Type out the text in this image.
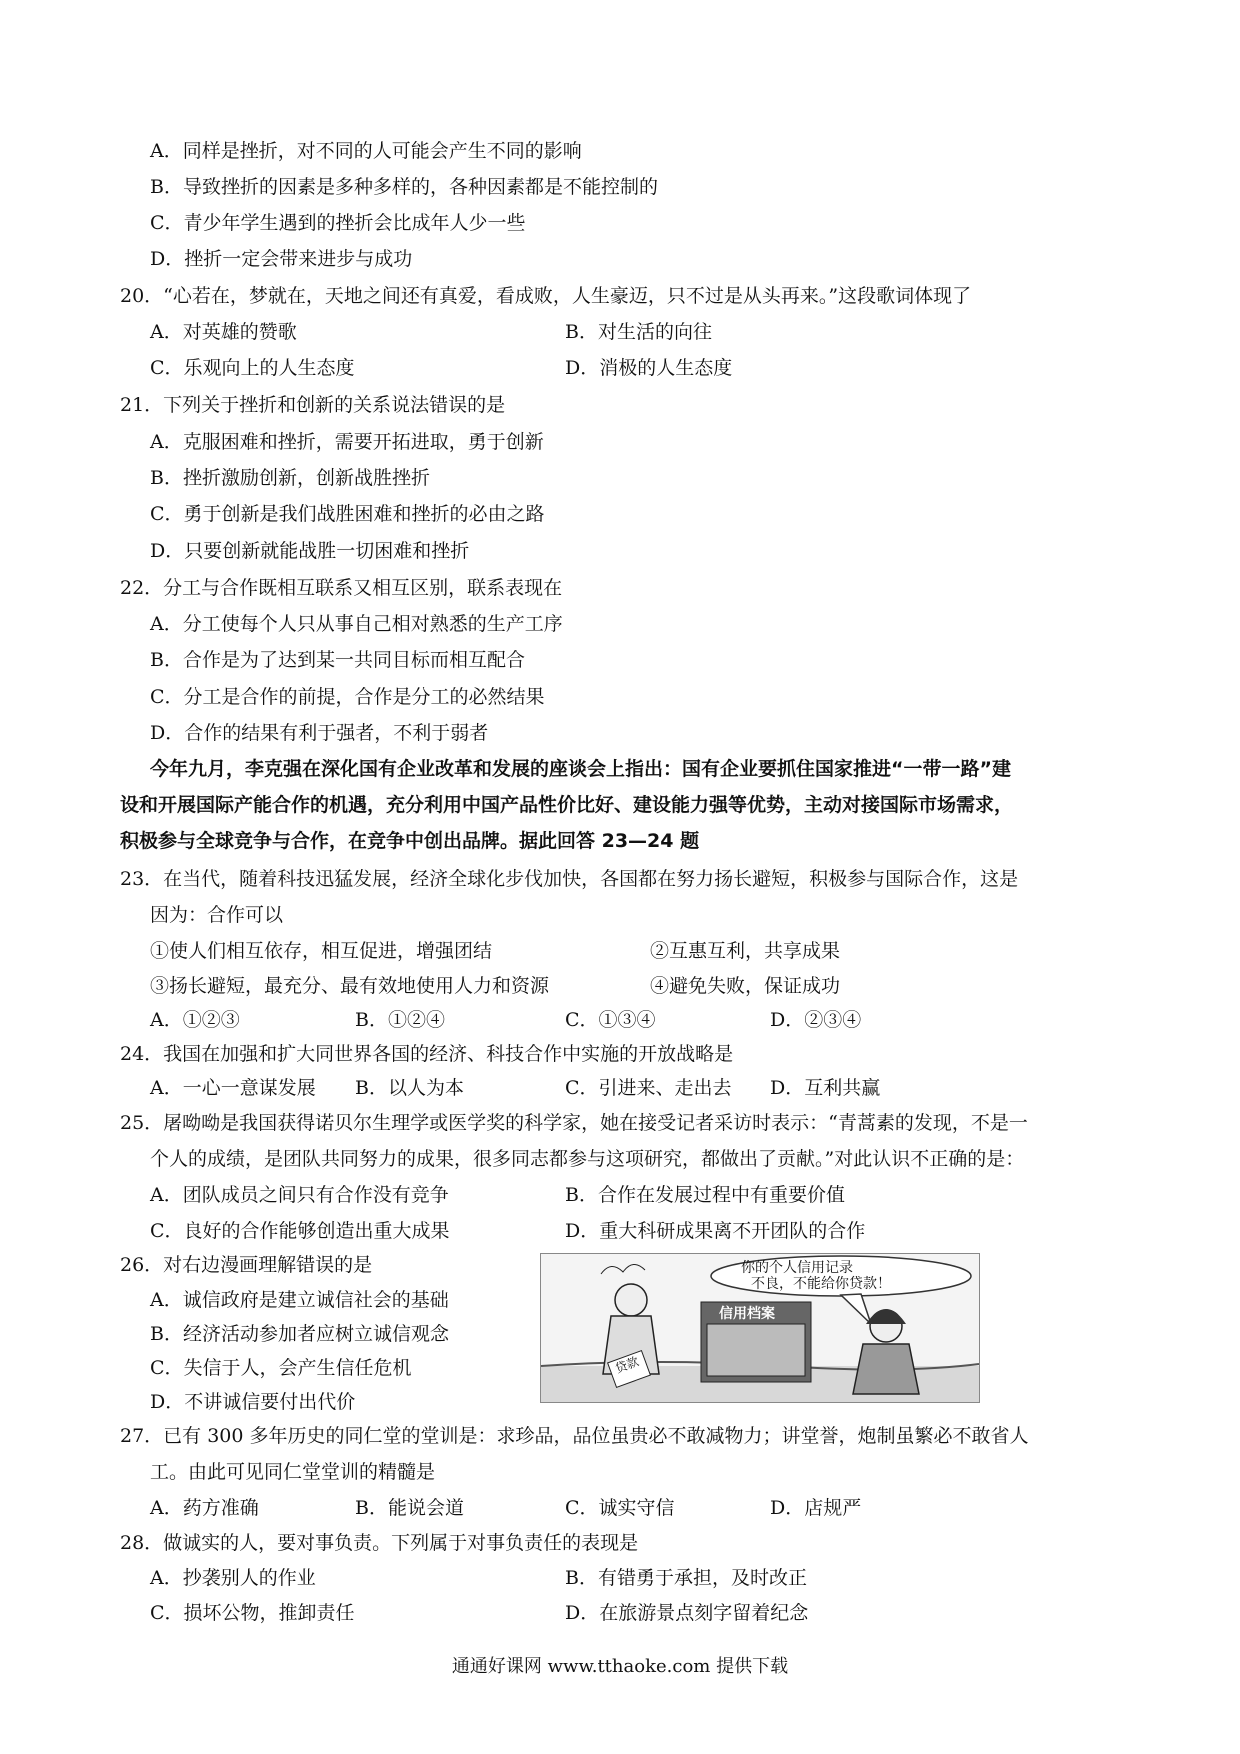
A．同样是挫折，对不同的人可能会产生不同的影响
B．导致挫折的因素是多种多样的，各种因素都是不能控制的
C．青少年学生遇到的挫折会比成年人少一些
D．挫折一定会带来进步与成功
20．“心若在，梦就在，天地之间还有真爱，看成败，人生豪迈，只不过是从头再来。”这段歌词体现了
A．对英雄的赞歌	B．对生活的向往
C．乐观向上的人生态度	D．消极的人生态度
21．下列关于挫折和创新的关系说法错误的是
A．克服困难和挫折，需要开拓进取，勇于创新
B．挫折激励创新，创新战胜挫折
C．勇于创新是我们战胜困难和挫折的必由之路
D．只要创新就能战胜一切困难和挫折
22．分工与合作既相互联系又相互区别，联系表现在
A．分工使每个人只从事自己相对熟悉的生产工序
B．合作是为了达到某一共同目标而相互配合
C．分工是合作的前提，合作是分工的必然结果
D．合作的结果有利于强者，不利于弱者
今年九月，李克强在深化国有企业改革和发展的座谈会上指出：国有企业要抓住国家推进“一带一路”建
设和开展国际产能合作的机遇，充分利用中国产品性价比好、建设能力强等优势，主动对接国际市场需求，
积极参与全球竞争与合作，在竞争中创出品牌。据此回答 23—24 题
23．在当代，随着科技迅猛发展，经济全球化步伐加快，各国都在努力扬长避短，积极参与国际合作，这是
因为：合作可以
①使人们相互依存，相互促进，增强团结	②互惠互利，共享成果
③扬长避短，最充分、最有效地使用人力和资源	④避免失败，保证成功
A．①②③	B．①②④	C．①③④	D．②③④
24．我国在加强和扩大同世界各国的经济、科技合作中实施的开放战略是
A．一心一意谋发展 B．以人为本	C．引进来、走出去 D．互利共赢
25．屠呦呦是我国获得诺贝尔生理学或医学奖的科学家，她在接受记者采访时表示：“青蒿素的发现，不是一
个人的成绩，是团队共同努力的成果，很多同志都参与这项研究，都做出了贡献。”对此认识不正确的是：
A．团队成员之间只有合作没有竞争	B．合作在发展过程中有重要价值
C．良好的合作能够创造出重大成果	D．重大科研成果离不开团队的合作
26．对右边漫画理解错误的是
A．诚信政府是建立诚信社会的基础
B．经济活动参加者应树立诚信观念
C．失信于人，会产生信任危机
D．不讲诚信要付出代价
你的个人信用记录
不良，不能给你贷款！
信用档案
贷款
27．已有 300 多年历史的同仁堂的堂训是：求珍品，品位虽贵必不敢减物力；讲堂誉，炮制虽繁必不敢省人
工。由此可见同仁堂堂训的精髓是
A．药方准确	B．能说会道	C．诚实守信	D．店规严
28．做诚实的人，要对事负责。下列属于对事负责任的表现是
A．抄袭别人的作业	B．有错勇于承担，及时改正
C．损坏公物，推卸责任	D．在旅游景点刻字留着纪念
通通好课网 www.tthaoke.com 提供下载
